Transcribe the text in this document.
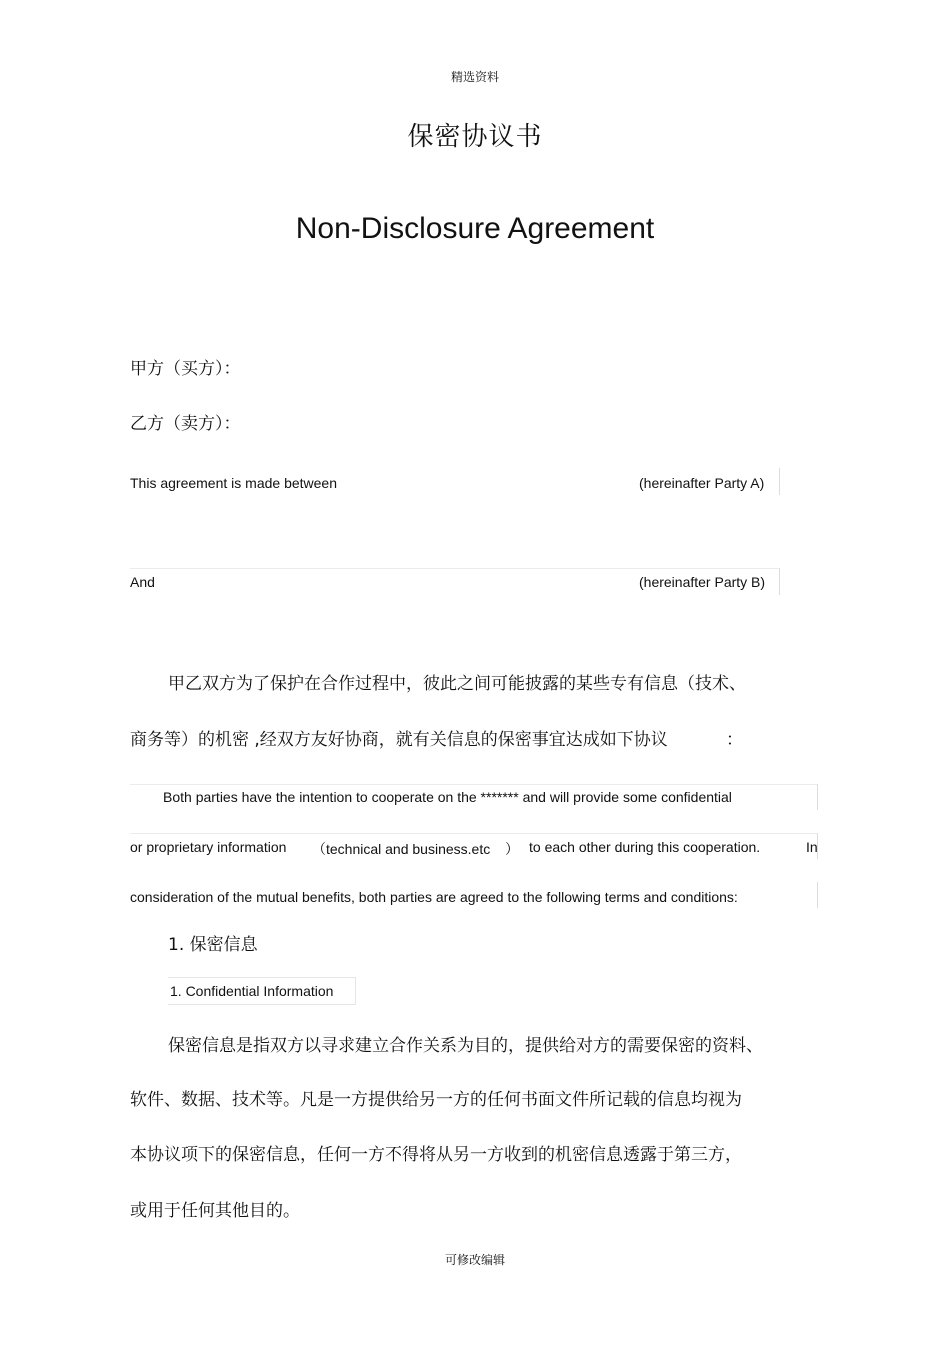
精选资料
保密协议书
Non-Disclosure Agreement
甲方（买方）：
乙方（卖方）：
This agreement is made between	(hereinafter Party A)
And	(hereinafter Party B)
甲乙双方为了保护在合作过程中，彼此之间可能披露的某些专有信息（技术、
商务等）的机密 ,经双方友好协商，就有关信息的保密事宜达成如下协议	：
Both parties have the intention to cooperate on the ******* and will provide some confidential
or proprietary information （technical and business.etc ） to each other during this cooperation.	In
consideration of the mutual benefits, both parties are agreed to the following terms and conditions:
1. 保密信息
1. Confidential Information
保密信息是指双方以寻求建立合作关系为目的，提供给对方的需要保密的资料、
软件、数据、技术等。凡是一方提供给另一方的任何书面文件所记载的信息均视为
本协议项下的保密信息，任何一方不得将从另一方收到的机密信息透露于第三方，
或用于任何其他目的。
可修改编辑
